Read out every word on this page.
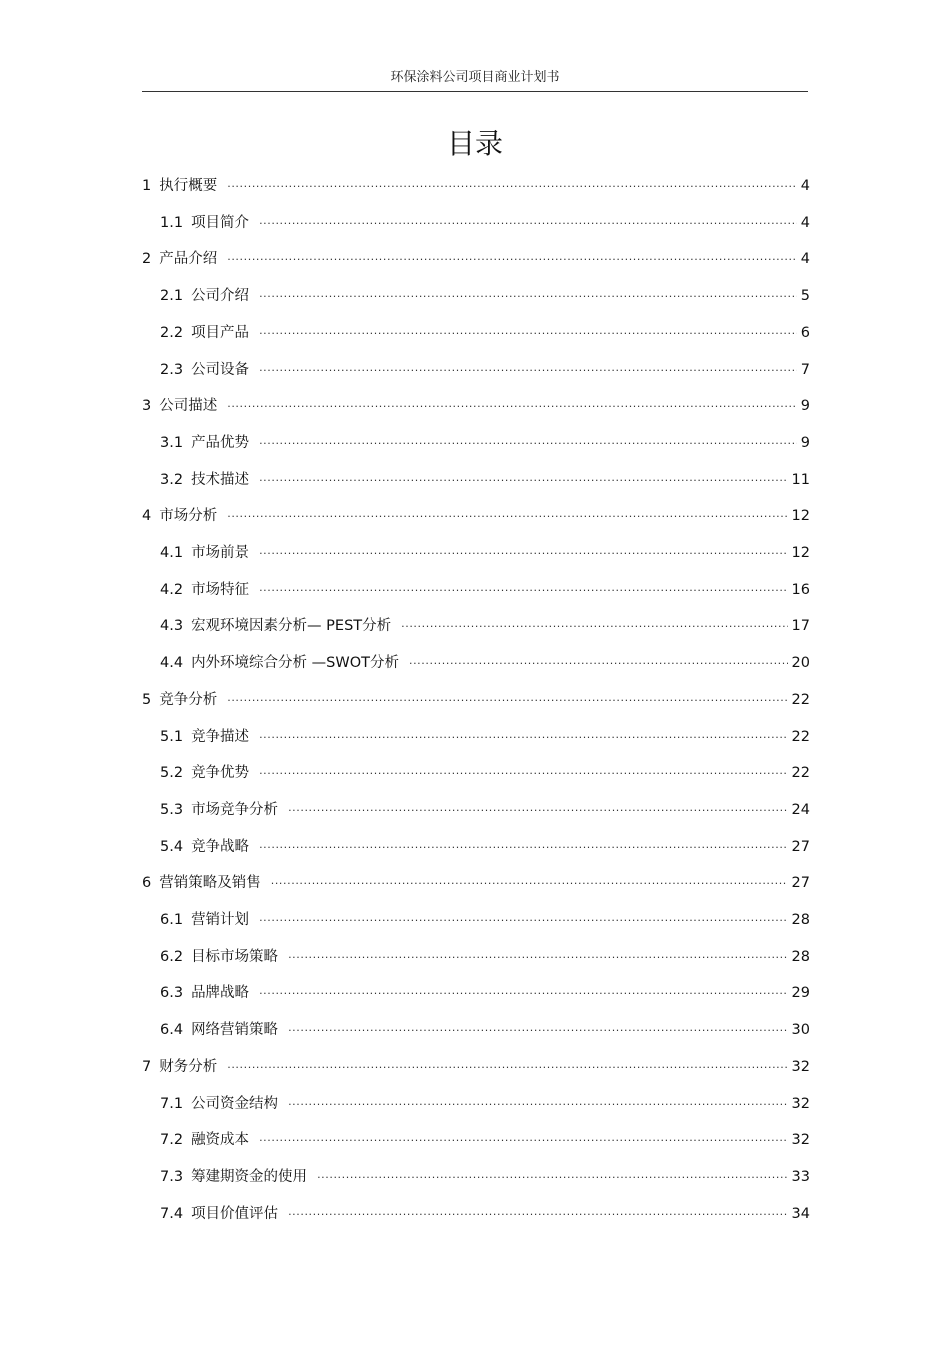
环保涂料公司项目商业计划书
目录
1 执行概要 .....	4
1.1 项目简介 .....	4
2 产品介绍 .....	4
2.1 公司介绍 .....	5
2.2 项目产品 .....	6
2.3 公司设备 .....	7
3 公司描述 .....	9
3.1 产品优势 .....	9
3.2 技术描述 .....	11
4 市场分析 .....	12
4.1 市场前景 .....	12
4.2 市场特征 .....	16
4.3 宏观环境因素分析— PEST分析 .....	17
4.4 内外环境综合分析 —SWOT分析 .....	20
5 竞争分析 .....	22
5.1 竞争描述 .....	22
5.2 竞争优势 .....	22
5.3 市场竞争分析 .....	24
5.4 竞争战略 .....	27
6 营销策略及销售 .....	27
6.1 营销计划 .....	28
6.2 目标市场策略 .....	28
6.3 品牌战略 .....	29
6.4 网络营销策略 .....	30
7 财务分析 .....	32
7.1 公司资金结构 .....	32
7.2 融资成本 .....	32
7.3 筹建期资金的使用 .....	33
7.4 项目价值评估 .....	34
